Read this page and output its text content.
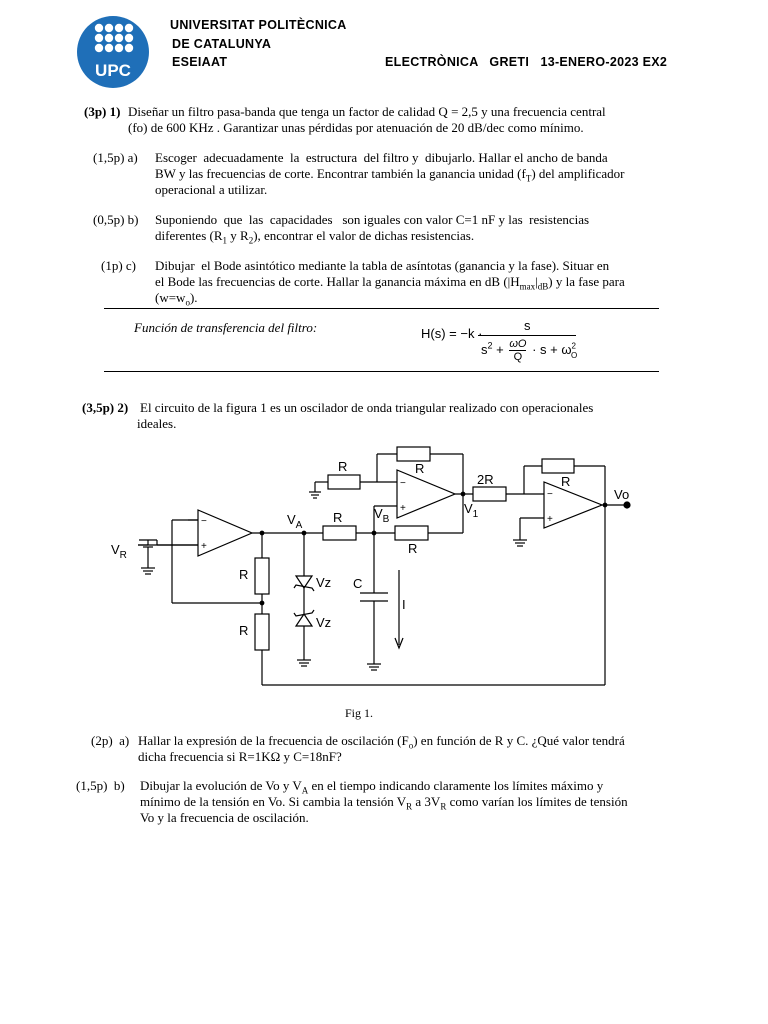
UPC
UNIVERSITAT POLITÈCNICA
DE CATALUNYA
ESEIAAT	ELECTRÒNICA   GRETI   13-ENERO-2023 EX2
(3p) 1) Diseñar un filtro pasa-banda que tenga un factor de calidad Q = 2,5 y una frecuencia central
(fo) de 600 KHz . Garantizar unas pérdidas por atenuación de 20 dB/dec como mínimo.
(1,5p) a) Escoger  adecuadamente  la  estructura  del filtro y  dibujarlo. Hallar el ancho de banda
BW y las frecuencias de corte. Encontrar también la ganancia unidad $(f_T)$ del amplificador
operacional a utilizar.
(0,5p) b) Suponiendo  que  las  capacidades   son iguales con valor C=1 nF y las  resistencias
diferentes ($R_1$ y $R_2$), encontrar el valor de dichas resistencias.
(1p) c) Dibujar  el Bode asintótico mediante la tabla de asíntotas (ganancia y la fase). Situar en
el Bode las frecuencias de corte. Hallar la ganancia máxima en dB $(|H_{max}|_{dB})$ y la fase para
$(w=w_o)$.
Función de transferencia del filtro:	H(s) = −k ·
s
$s^2 + \frac{\omega O}{Q} \cdot s + \omega^2_O$
(3,5p) 2) El circuito de la figura 1 es un oscilador de onda triangular realizado con operacionales
ideales.
−
+
−
+
−
+
$V_R$
$V_A$
$V_B$
$V_1$
Vo
R	R
R
R
2R	R
R
R
Vz
Vz
C
I
Fig 1.
(2p)  a) Hallar la expresión de la frecuencia de oscilación $(F_o)$ en función de R y C. ¿Qué valor tendrá
dicha frecuencia si R=1KΩ y C=18nF?
(1,5p)  b) Dibujar la evolución de Vo y $V_A$ en el tiempo indicando claramente los límites máximo y
mínimo de la tensión en Vo. Si cambia la tensión $V_R$ a $3V_R$ como varían los límites de tensión
Vo y la frecuencia de oscilación.
